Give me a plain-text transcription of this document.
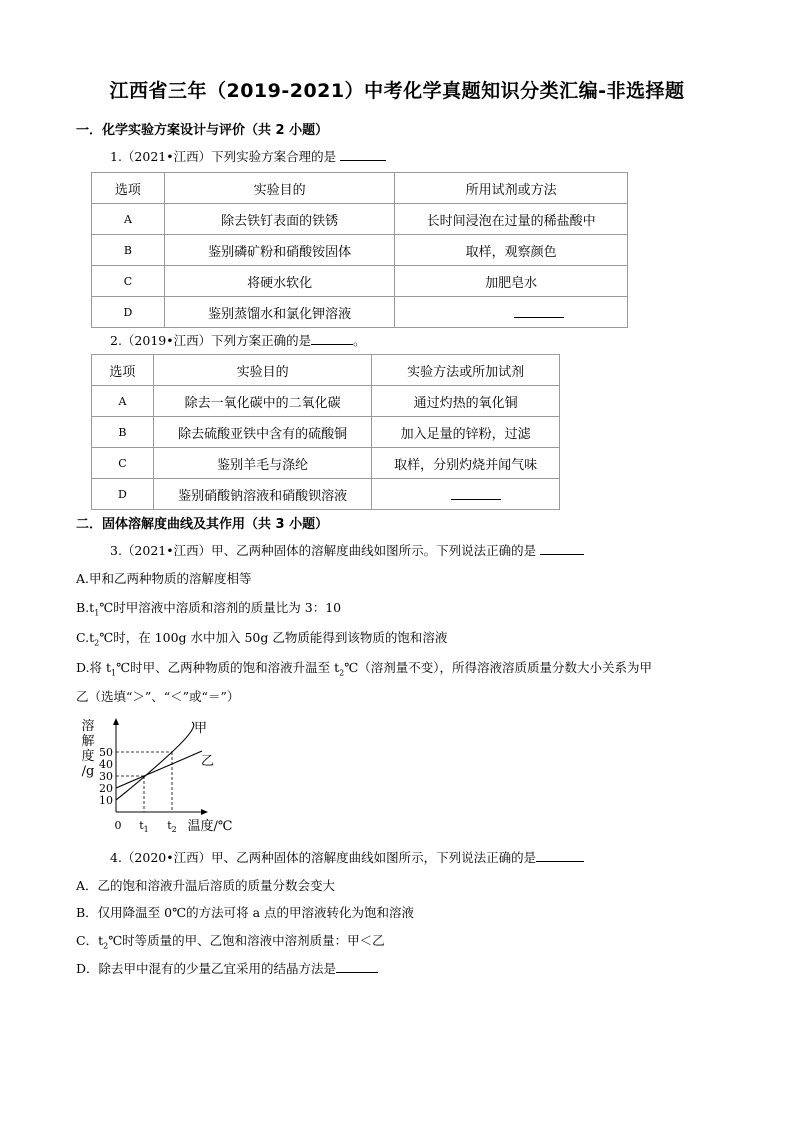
江西省三年（2019-2021）中考化学真题知识分类汇编-非选择题
一．化学实验方案设计与评价（共 2 小题）
1.（2021•江西）下列实验方案合理的是
选项	实验目的	所用试剂或方法
A	除去铁钉表面的铁锈	长时间浸泡在过量的稀盐酸中
B	鉴别磷矿粉和硝酸铵固体	取样，观察颜色
C	将硬水软化	加肥皂水
D	鉴别蒸馏水和氯化钾溶液	
2.（2019•江西）下列方案正确的是	。
选项	实验目的	实验方法或所加试剂
A	除去一氧化碳中的二氧化碳	通过灼热的氧化铜
B	除去硫酸亚铁中含有的硫酸铜	加入足量的锌粉，过滤
C	鉴别羊毛与涤纶	取样，分别灼烧并闻气味
D	鉴别硝酸钠溶液和硝酸钡溶液	
二．固体溶解度曲线及其作用（共 3 小题）
3.（2021•江西）甲、乙两种固体的溶解度曲线如图所示。下列说法正确的是
A.甲和乙两种物质的溶解度相等
$B.t_1℃$时甲溶液中溶质和溶剂的质量比为 3：10
$C.t_2℃$时，在 100g 水中加入 50g 乙物质能得到该物质的饱和溶液
D.将 $t_1℃$时甲、乙两种物质的饱和溶液升温至 $t_2℃$（溶剂量不变），所得溶液溶质质量分数大小关系为甲
乙（选填“＞”、“＜”或“＝”）
溶
解
度
/g
10
20
30
40
50
0 $t_1$ $t_2$ 温度/℃
甲
乙
4.（2020•江西）甲、乙两种固体的溶解度曲线如图所示，下列说法正确的是
A．乙的饱和溶液升温后溶质的质量分数会变大
B．仅用降温至 0℃的方法可将 a 点的甲溶液转化为饱和溶液
C．$t_2℃$时等质量的甲、乙饱和溶液中溶剂质量：甲＜乙
D．除去甲中混有的少量乙宜采用的结晶方法是
